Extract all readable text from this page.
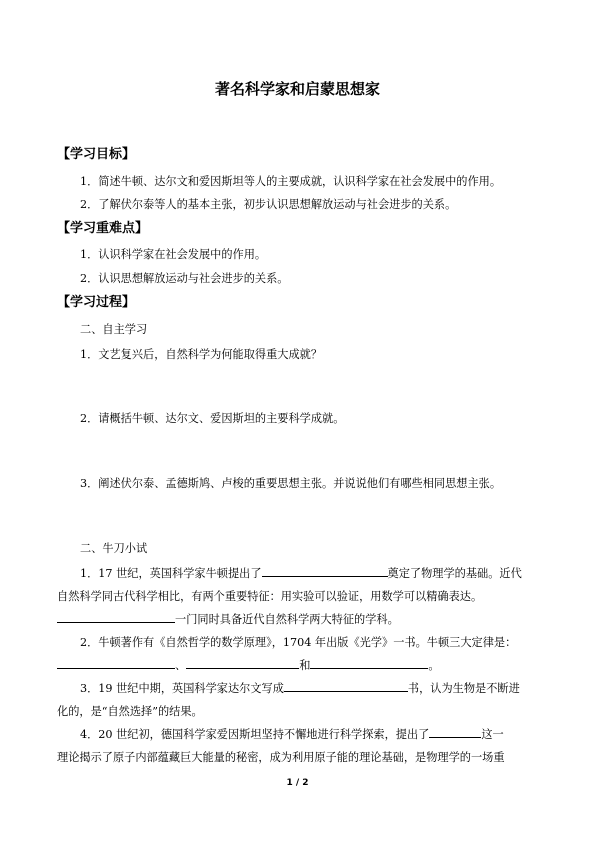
著名科学家和启蒙思想家
【学习目标】
1．简述牛顿、达尔文和爱因斯坦等人的主要成就，认识科学家在社会发展中的作用。
2．了解伏尔泰等人的基本主张，初步认识思想解放运动与社会进步的关系。
【学习重难点】
1．认识科学家在社会发展中的作用。
2．认识思想解放运动与社会进步的关系。
【学习过程】
二、自主学习
1．文艺复兴后，自然科学为何能取得重大成就？
2．请概括牛顿、达尔文、爱因斯坦的主要科学成就。
3．阐述伏尔泰、孟德斯鸠、卢梭的重要思想主张。并说说他们有哪些相同思想主张。
二、牛刀小试
1．17 世纪，英国科学家牛顿提出了	奠定了物理学的基础。近代
自然科学同古代科学相比，有两个重要特征：用实验可以验证，用数学可以精确表达。
一门同时具备近代自然科学两大特征的学科。
2．牛顿著作有《自然哲学的数学原理》，1704 年出版《光学》一书。牛顿三大定律是：
、	和	。
3．19 世纪中期，英国科学家达尔文写成	书，认为生物是不断进
化的，是“自然选择”的结果。
4．20 世纪初，德国科学家爱因斯坦坚持不懈地进行科学探索，提出了	这一
理论揭示了原子内部蕴藏巨大能量的秘密，成为利用原子能的理论基础，是物理学的一场重
1 / 2
